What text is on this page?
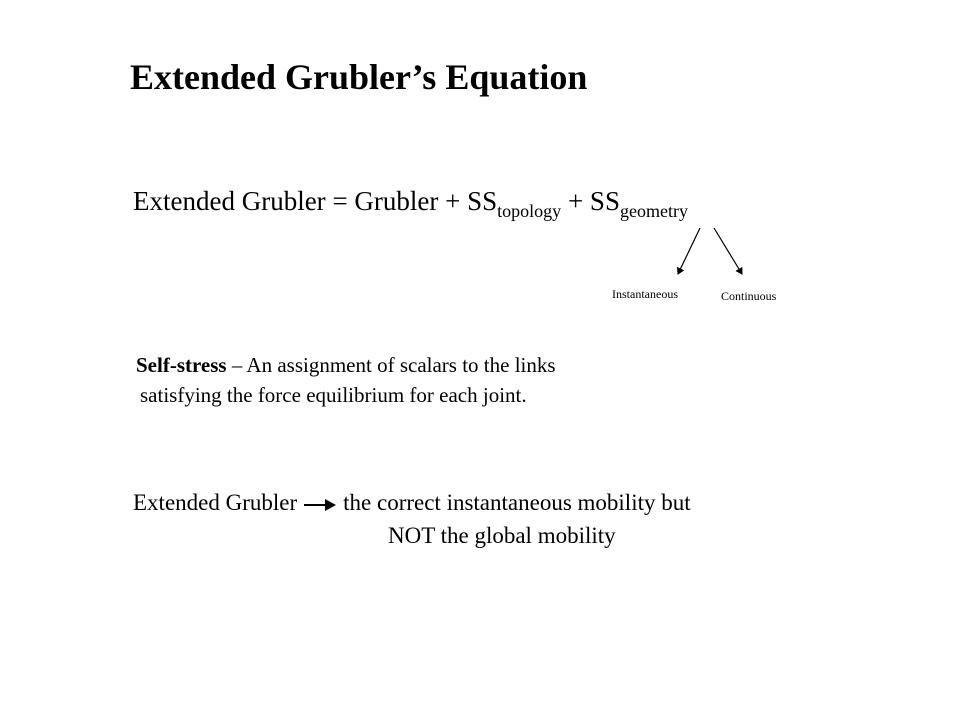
Extended Grubler’s Equation
Extended Grubler = Grubler + $SS_{topology} + SS_{geometry}$
Instantaneous	Continuous
Self-stress – An assignment of scalars to the links
satisfying the force equilibrium for each joint.
Extended Grubler the correct instantaneous mobility but
NOT the global mobility
